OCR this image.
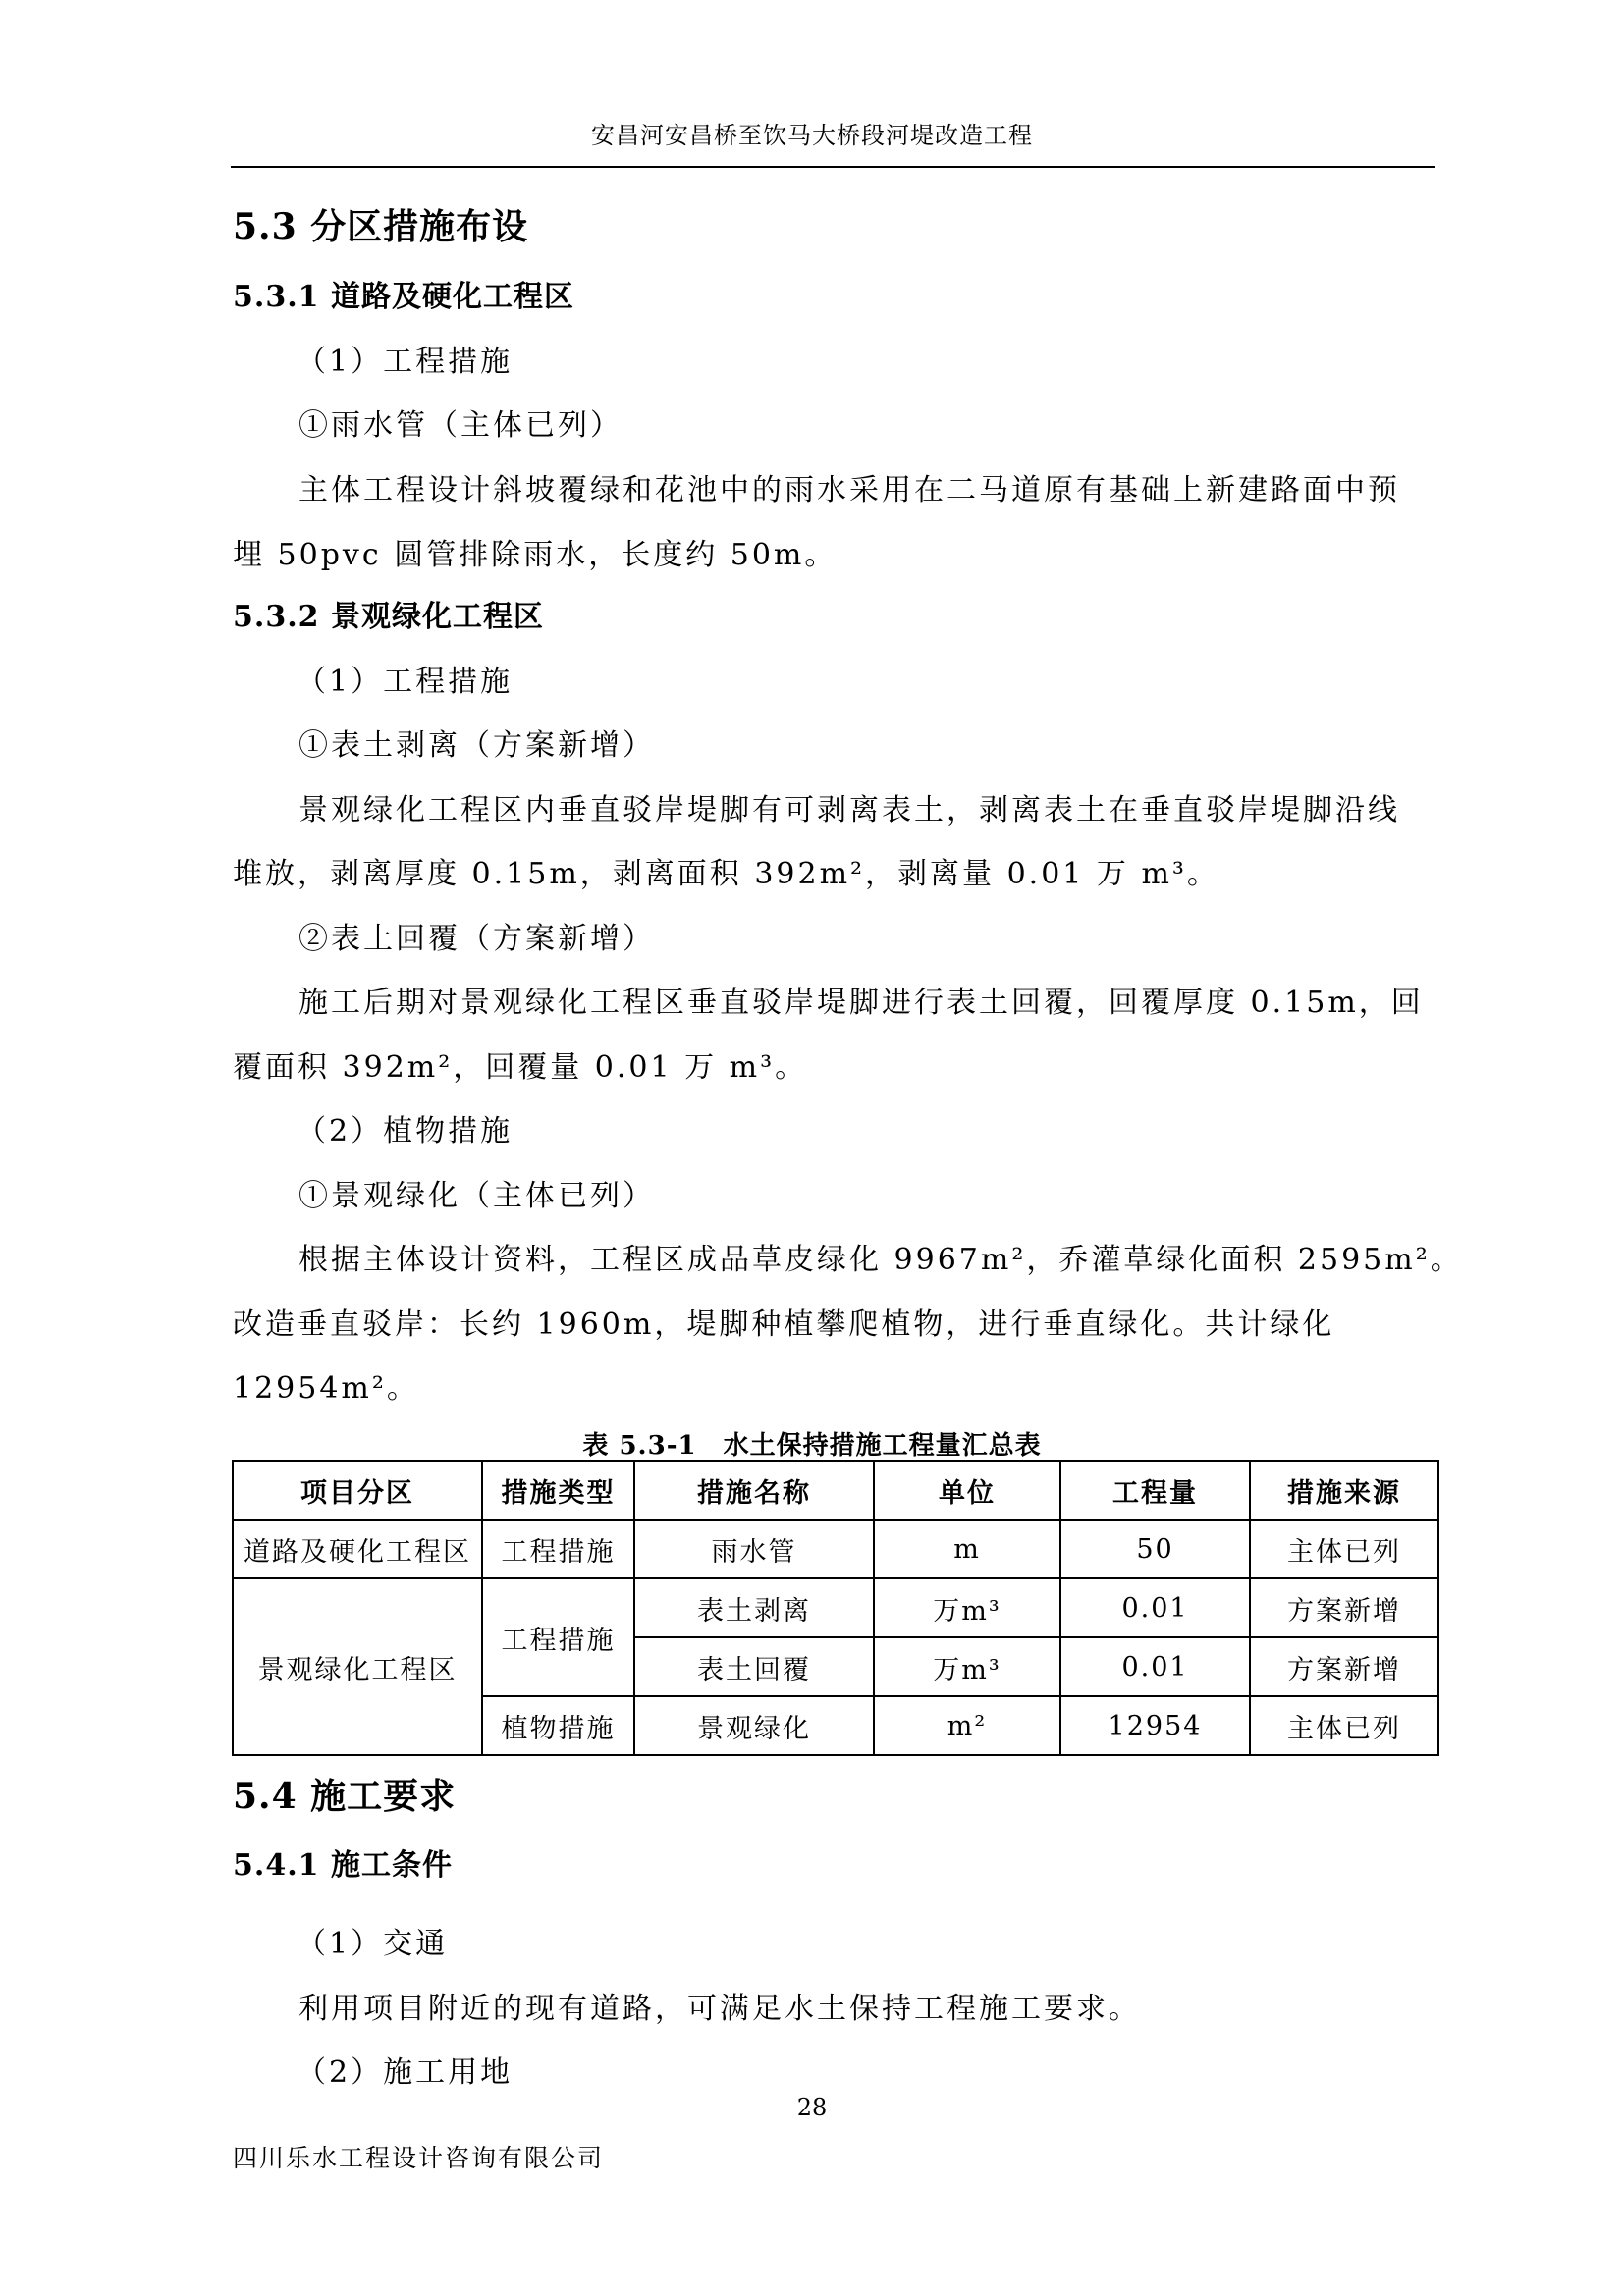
安昌河安昌桥至饮马大桥段河堤改造工程
5.3 分区措施布设
5.3.1 道路及硬化工程区
（1）工程措施
①雨水管（主体已列）
主体工程设计斜坡覆绿和花池中的雨水采用在二马道原有基础上新建路面中预
埋 50pvc 圆管排除雨水，长度约 50m。
5.3.2 景观绿化工程区
（1）工程措施
①表土剥离（方案新增）
景观绿化工程区内垂直驳岸堤脚有可剥离表土，剥离表土在垂直驳岸堤脚沿线
堆放，剥离厚度 0.15m，剥离面积 392m²，剥离量 0.01 万 m³。
②表土回覆（方案新增）
施工后期对景观绿化工程区垂直驳岸堤脚进行表土回覆，回覆厚度 0.15m，回
覆面积 392m²，回覆量 0.01 万 m³。
（2）植物措施
①景观绿化（主体已列）
根据主体设计资料，工程区成品草皮绿化 9967m²，乔灌草绿化面积 2595m²。
改造垂直驳岸：长约 1960m，堤脚种植攀爬植物，进行垂直绿化。共计绿化
12954m²。
表 5.3-1　水土保持措施工程量汇总表
项目分区	措施类型	措施名称	单位	工程量	措施来源
道路及硬化工程区	工程措施	雨水管	m	50	主体已列
景观绿化工程区	工程措施	表土剥离	万m³	0.01	方案新增
		表土回覆	万m³	0.01	方案新增
	植物措施	景观绿化	m²	12954	主体已列
5.4 施工要求
5.4.1 施工条件
（1）交通
利用项目附近的现有道路，可满足水土保持工程施工要求。
（2）施工用地
28
四川乐水工程设计咨询有限公司
